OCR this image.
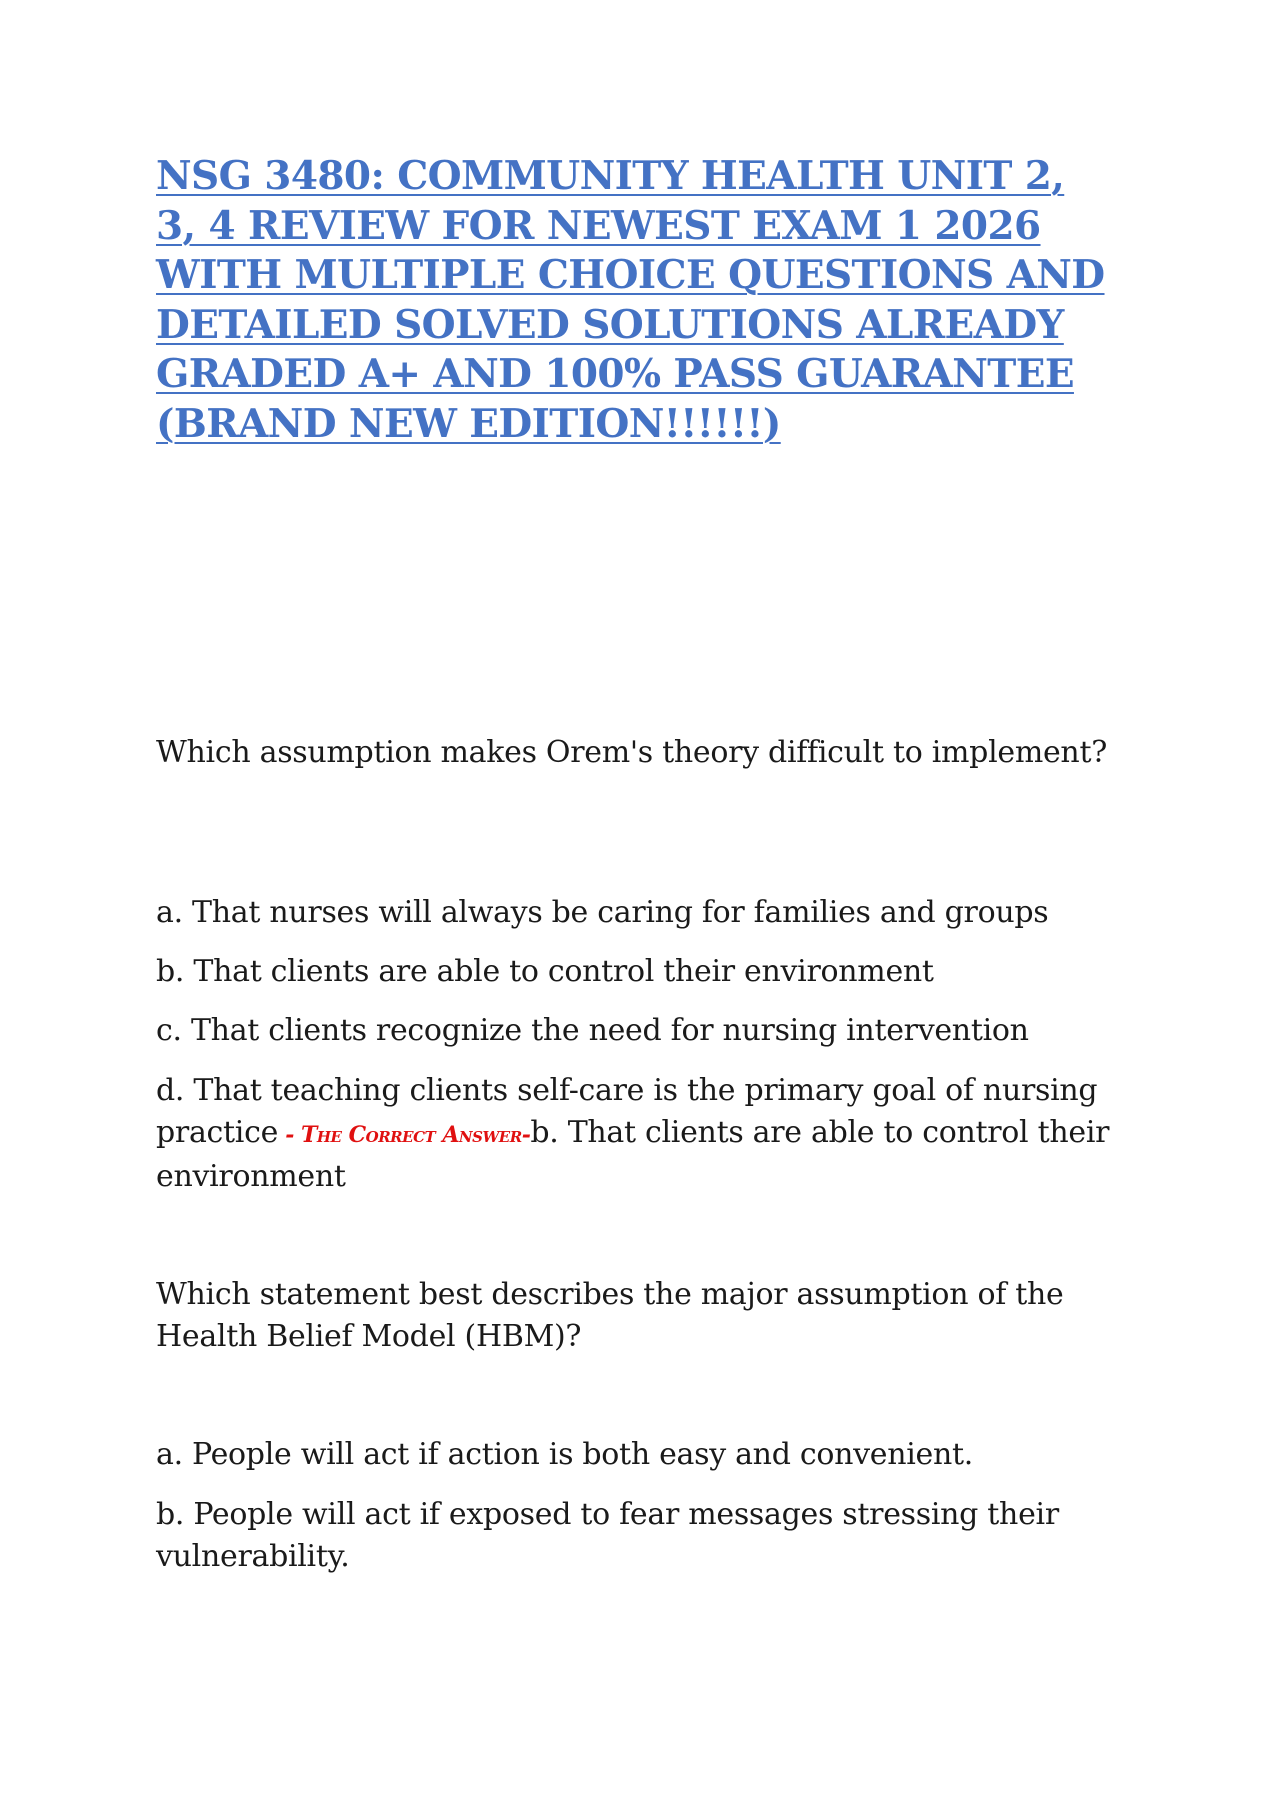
NSG 3480: COMMUNITY HEALTH UNIT 2, 3, 4 REVIEW FOR NEWEST EXAM 1 2026 WITH MULTIPLE CHOICE QUESTIONS AND DETAILED SOLVED SOLUTIONS ALREADY GRADED A+ AND 100% PASS GUARANTEE (BRAND NEW EDITION!!!!!!)

Which assumption makes Orem's theory difficult to implement?

a. That nurses will always be caring for families and groups

b. That clients are able to control their environment

c. That clients recognize the need for nursing intervention

d. That teaching clients self-care is the primary goal of nursing practice - The Correct Answer-b. That clients are able to control their environment

Which statement best describes the major assumption of the Health Belief Model (HBM)?

a. People will act if action is both easy and convenient.

b. People will act if exposed to fear messages stressing their vulnerability.
